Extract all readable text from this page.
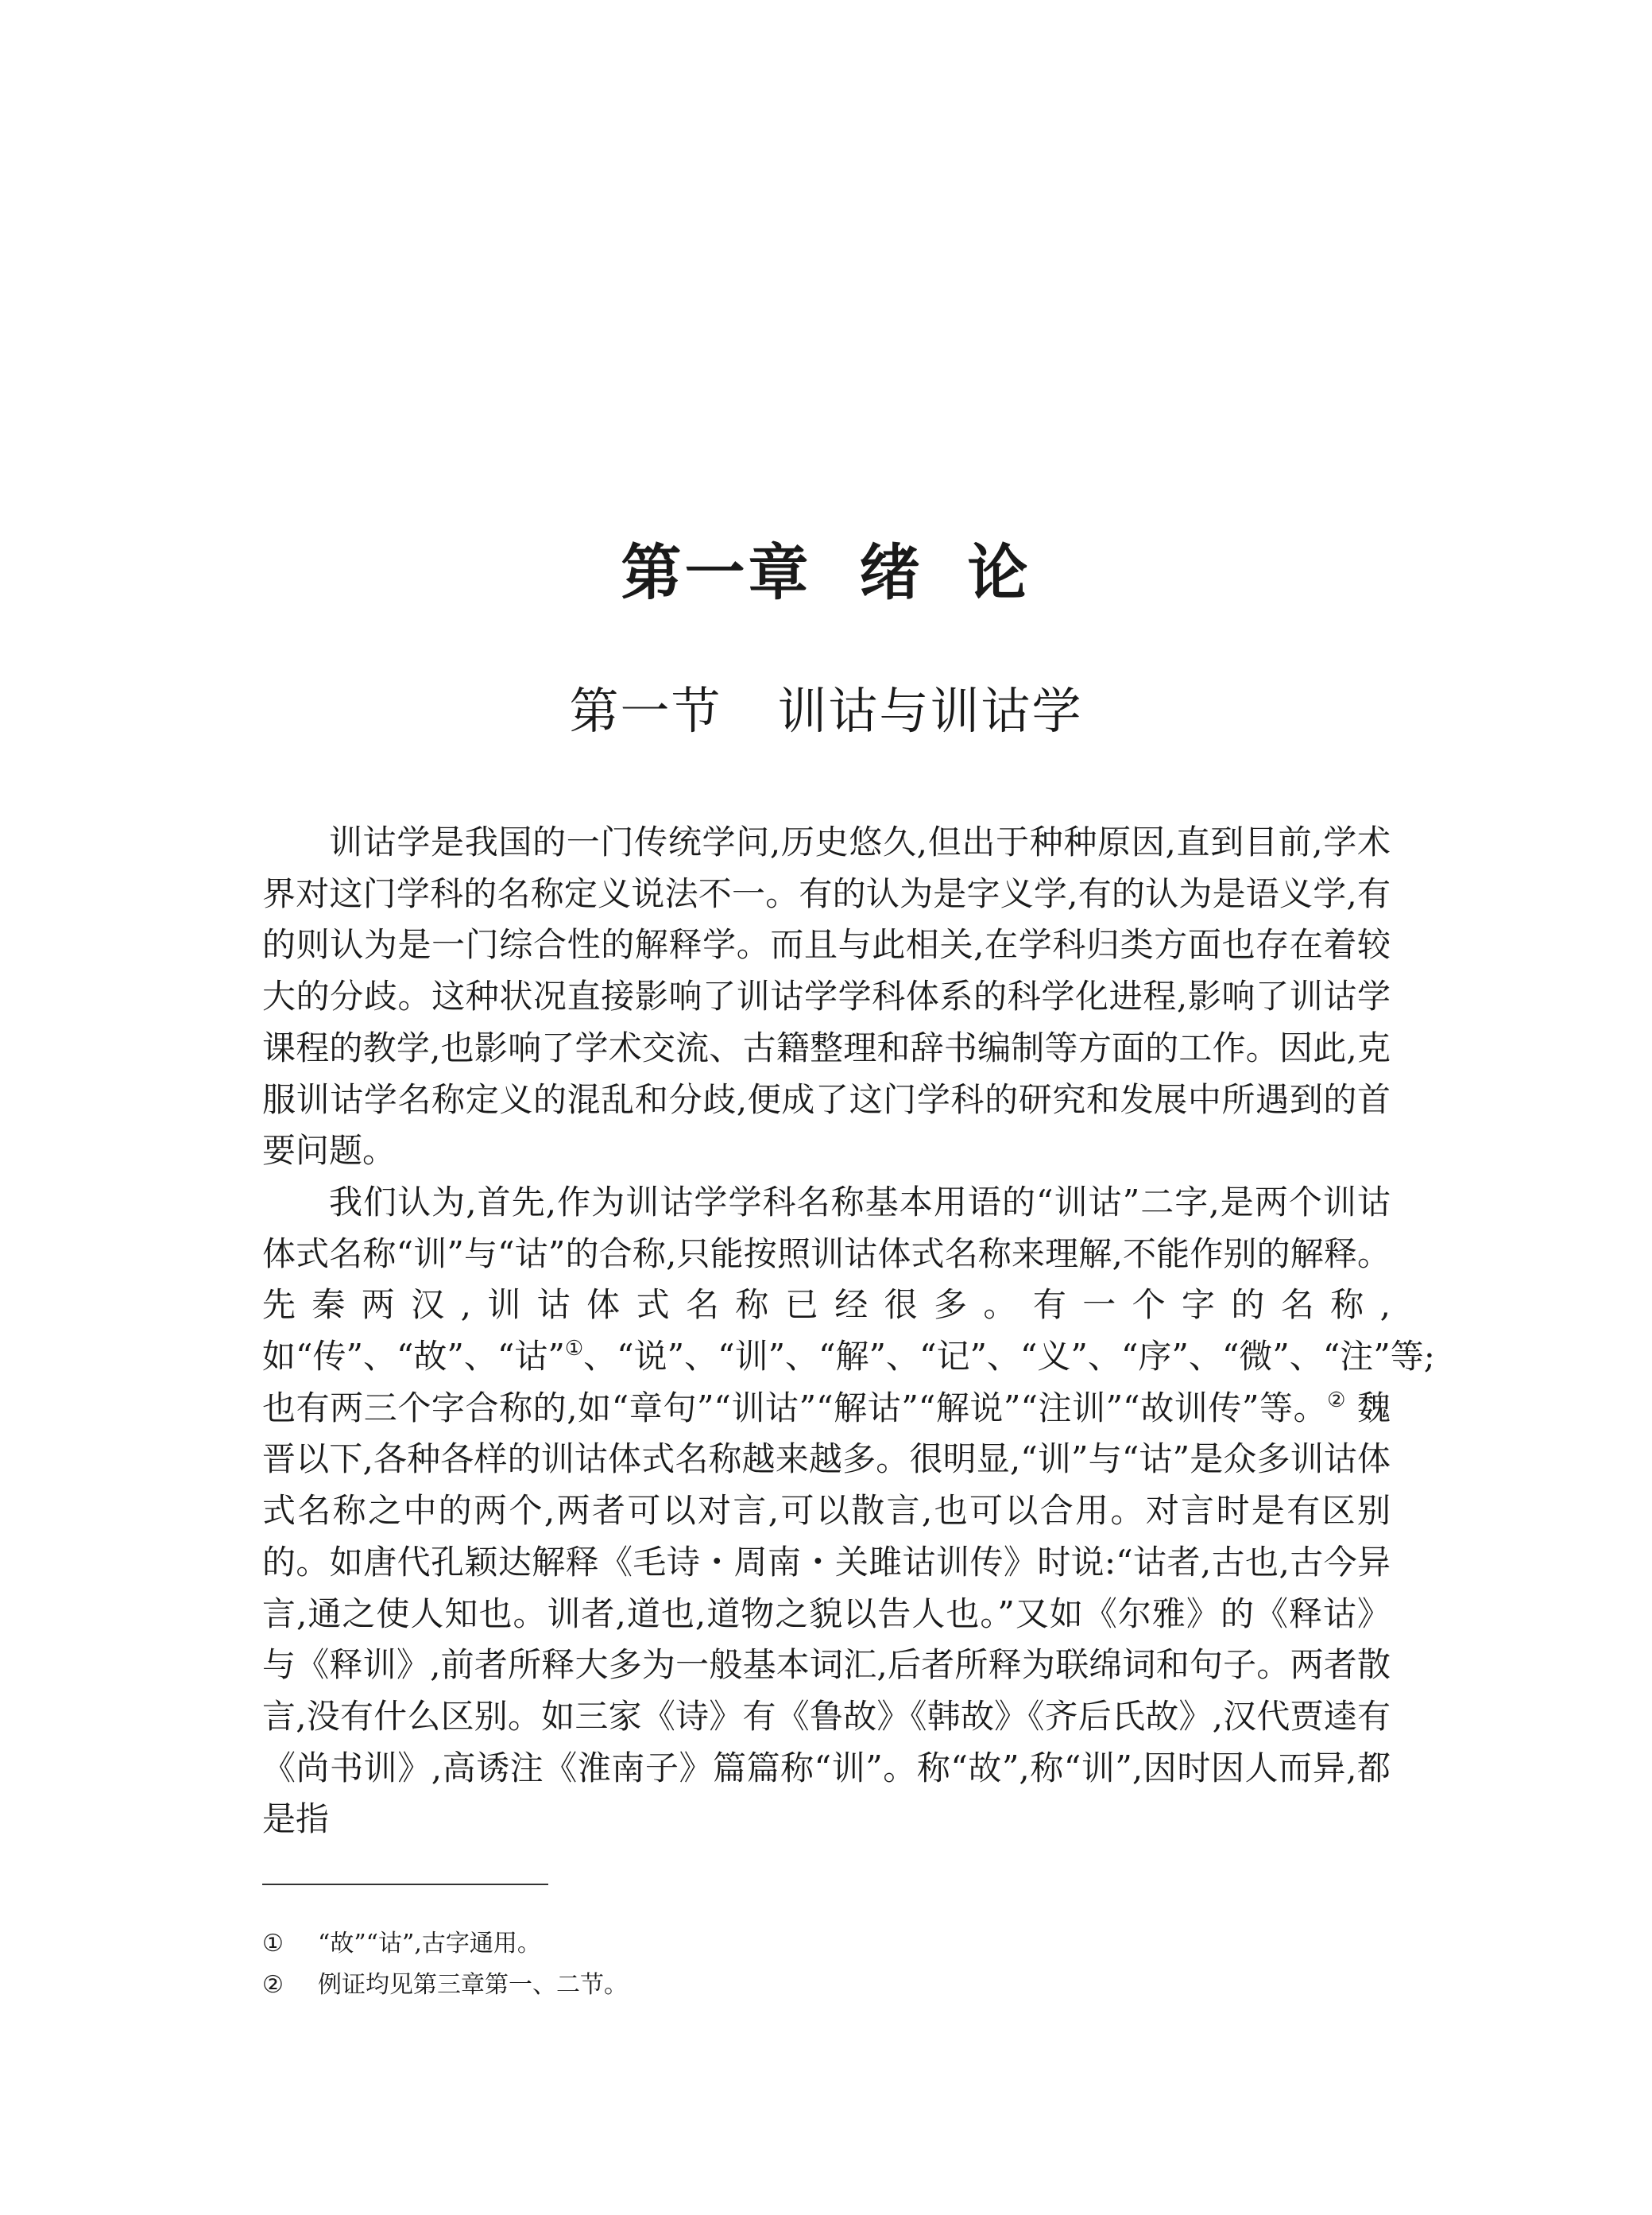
第一章 绪 论
第一节 训诂与训诂学

训诂学是我国的一门传统学问,历史悠久,但出于种种原因,直到目前,学术界对这门学科的名称定义说法不一。有的认为是字义学,有的认为是语义学,有的则认为是一门综合性的解释学。而且与此相关,在学科归类方面也存在着较大的分歧。这种状况直接影响了训诂学学科体系的科学化进程,影响了训诂学课程的教学,也影响了学术交流、古籍整理和辞书编制等方面的工作。因此,克服训诂学名称定义的混乱和分歧,便成了这门学科的研究和发展中所遇到的首要问题。

我们认为,首先,作为训诂学学科名称基本用语的“训诂”二字,是两个训诂体式名称“训”与“诂”的合称,只能按照训诂体式名称来理解,不能作别的解释。先秦两汉,训诂体式名称已经很多。有一个字的名称,如“传”、“故”、“诂”①、“说”、“训”、“解”、“记”、“义”、“序”、“微”、“注”等;也有两三个字合称的,如“章句”“训诂”“解诂”“解说”“注训”“故训传”等。② 魏晋以下,各种各样的训诂体式名称越来越多。很明显,“训”与“诂”是众多训诂体式名称之中的两个,两者可以对言,可以散言,也可以合用。对言时是有区别的。如唐代孔颖达解释《毛诗・周南・关雎诂训传》时说:“诂者,古也,古今异言,通之使人知也。训者,道也,道物之貌以告人也。”又如《尔雅》的《释诂》与《释训》,前者所释大多为一般基本词汇,后者所释为联绵词和句子。两者散言,没有什么区别。如三家《诗》有《鲁故》《韩故》《齐后氏故》,汉代贾逵有《尚书训》,高诱注《淮南子》篇篇称“训”。称“故”,称“训”,因时因人而异,都是指

① “故”“诂”,古字通用。
② 例证均见第三章第一、二节。
